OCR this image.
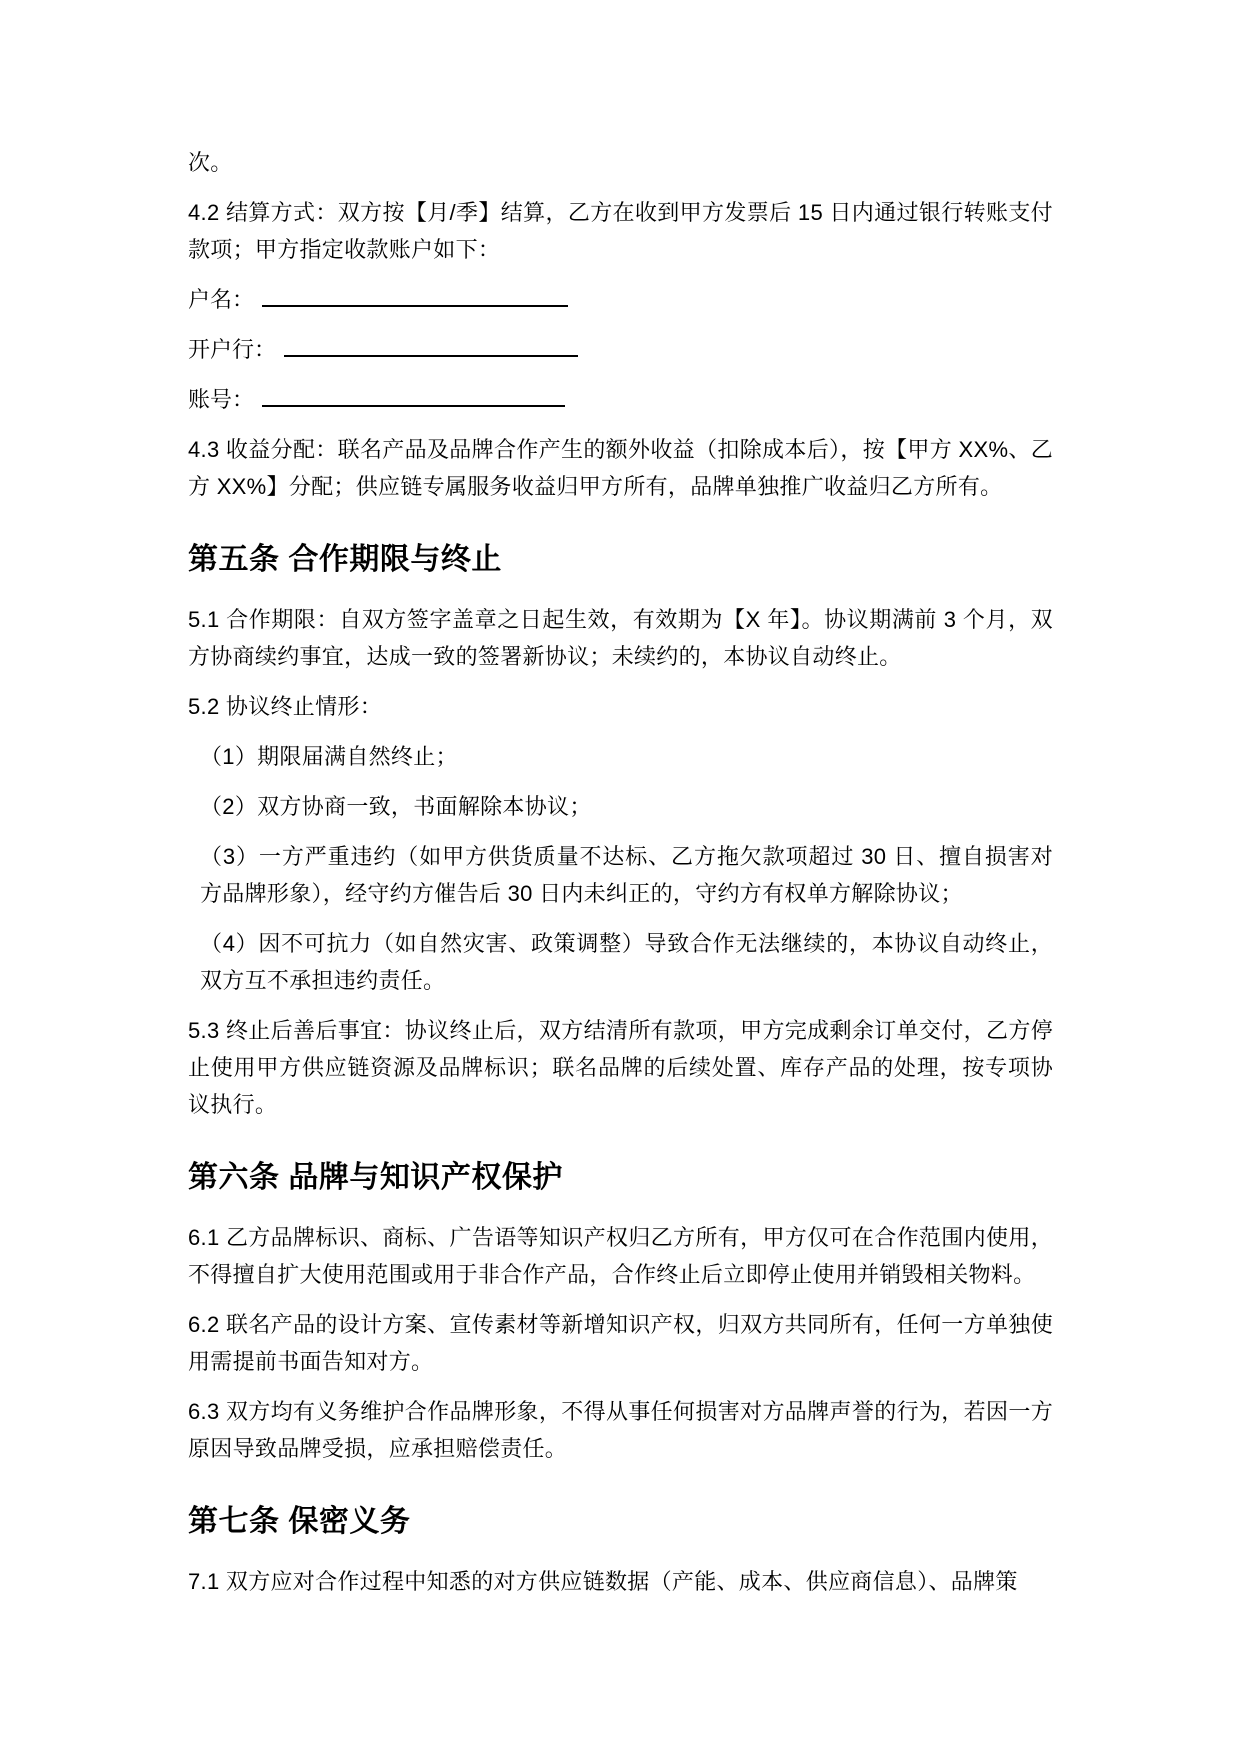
次。

4.2 结算方式：双方按【月/季】结算，乙方在收到甲方发票后 15 日内通过银行转账支付款项；甲方指定收款账户如下：

户名：

开户行：

账号：

4.3 收益分配：联名产品及品牌合作产生的额外收益（扣除成本后），按【甲方 XX%、乙方 XX%】分配；供应链专属服务收益归甲方所有，品牌单独推广收益归乙方所有。

第五条 合作期限与终止

5.1 合作期限：自双方签字盖章之日起生效，有效期为【X 年】。协议期满前 3 个月，双方协商续约事宜，达成一致的签署新协议；未续约的，本协议自动终止。

5.2 协议终止情形：

（1）期限届满自然终止；

（2）双方协商一致，书面解除本协议；

（3）一方严重违约（如甲方供货质量不达标、乙方拖欠款项超过 30 日、擅自损害对方品牌形象），经守约方催告后 30 日内未纠正的，守约方有权单方解除协议；

（4）因不可抗力（如自然灾害、政策调整）导致合作无法继续的，本协议自动终止，双方互不承担违约责任。

5.3 终止后善后事宜：协议终止后，双方结清所有款项，甲方完成剩余订单交付，乙方停止使用甲方供应链资源及品牌标识；联名品牌的后续处置、库存产品的处理，按专项协议执行。

第六条 品牌与知识产权保护

6.1 乙方品牌标识、商标、广告语等知识产权归乙方所有，甲方仅可在合作范围内使用，不得擅自扩大使用范围或用于非合作产品，合作终止后立即停止使用并销毁相关物料。

6.2 联名产品的设计方案、宣传素材等新增知识产权，归双方共同所有，任何一方单独使用需提前书面告知对方。

6.3 双方均有义务维护合作品牌形象，不得从事任何损害对方品牌声誉的行为，若因一方原因导致品牌受损，应承担赔偿责任。

第七条 保密义务

7.1 双方应对合作过程中知悉的对方供应链数据（产能、成本、供应商信息）、品牌策
